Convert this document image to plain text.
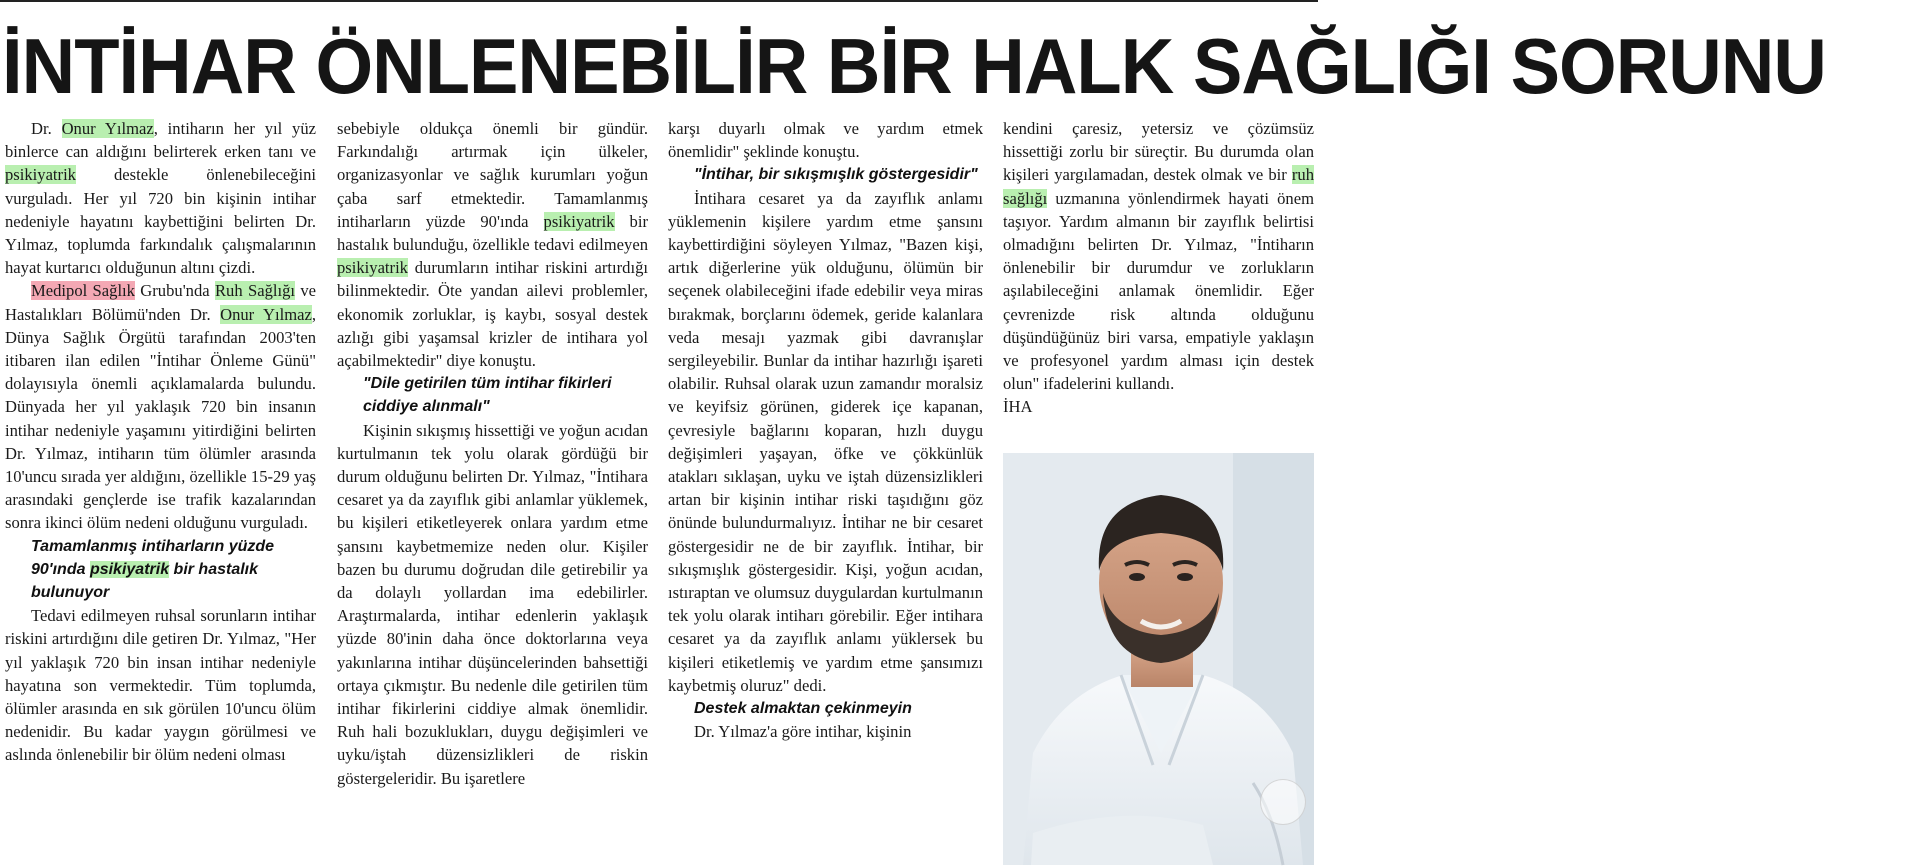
İNTİHAR ÖNLENEBİLİR BİR HALK SAĞLIĞI SORUNU

Dr. Onur Yılmaz, intiharın her yıl yüz binlerce can aldığını belirterek erken tanı ve psikiyatrik destekle önlenebileceğini vurguladı. Her yıl 720 bin kişinin intihar nedeniyle hayatını kaybettiğini belirten Dr. Yılmaz, toplumda farkındalık çalışmalarının hayat kurtarıcı olduğunun altını çizdi.

Medipol Sağlık Grubu'nda Ruh Sağlığı ve Hastalıkları Bölümü'nden Dr. Onur Yılmaz, Dünya Sağlık Örgütü tarafından 2003'ten itibaren ilan edilen "İntihar Önleme Günü" dolayısıyla önemli açıklamalarda bulundu. Dünyada her yıl yaklaşık 720 bin insanın intihar nedeniyle yaşamını yitirdiğini belirten Dr. Yılmaz, intiharın tüm ölümler arasında 10'uncu sırada yer aldığını, özellikle 15-29 yaş arasındaki gençlerde ise trafik kazalarından sonra ikinci ölüm nedeni olduğunu vurguladı.

Tamamlanmış intiharların yüzde 90'ında psikiyatrik bir hastalık bulunuyor

Tedavi edilmeyen ruhsal sorunların intihar riskini artırdığını dile getiren Dr. Yılmaz, "Her yıl yaklaşık 720 bin insan intihar nedeniyle hayatına son vermektedir. Tüm toplumda, ölümler arasında en sık görülen 10'uncu ölüm nedenidir. Bu kadar yaygın görülmesi ve aslında önlenebilir bir ölüm nedeni olması

sebebiyle oldukça önemli bir gündür. Farkındalığı artırmak için ülkeler, organizasyonlar ve sağlık kurumları yoğun çaba sarf etmektedir. Tamamlanmış intiharların yüzde 90'ında psikiyatrik bir hastalık bulunduğu, özellikle tedavi edilmeyen psikiyatrik durumların intihar riskini artırdığı bilinmektedir. Öte yandan ailevi problemler, ekonomik zorluklar, iş kaybı, sosyal destek azlığı gibi yaşamsal krizler de intihara yol açabilmektedir" diye konuştu.

"Dile getirilen tüm intihar fikirleri ciddiye alınmalı"

Kişinin sıkışmış hissettiği ve yoğun acıdan kurtulmanın tek yolu olarak gördüğü bir durum olduğunu belirten Dr. Yılmaz, "İntihara cesaret ya da zayıflık gibi anlamlar yüklemek, bu kişileri etiketleyerek onlara yardım etme şansını kaybetmemize neden olur. Kişiler bazen bu durumu doğrudan dile getirebilir ya da dolaylı yollardan ima edebilirler. Araştırmalarda, intihar edenlerin yaklaşık yüzde 80'inin daha önce doktorlarına veya yakınlarına intihar düşüncelerinden bahsettiği ortaya çıkmıştır. Bu nedenle dile getirilen tüm intihar fikirlerini ciddiye almak önemlidir. Ruh hali bozuklukları, duygu değişimleri ve uyku/iştah düzensizlikleri de riskin göstergeleridir. Bu işaretlere

karşı duyarlı olmak ve yardım etmek önemlidir" şeklinde konuştu.

"İntihar, bir sıkışmışlık göstergesidir"

İntihara cesaret ya da zayıflık anlamı yüklemenin kişilere yardım etme şansını kaybettirdiğini söyleyen Yılmaz, "Bazen kişi, artık diğerlerine yük olduğunu, ölümün bir seçenek olabileceğini ifade edebilir veya miras bırakmak, borçlarını ödemek, geride kalanlara veda mesajı yazmak gibi davranışlar sergileyebilir. Bunlar da intihar hazırlığı işareti olabilir. Ruhsal olarak uzun zamandır moralsiz ve keyifsiz görünen, giderek içe kapanan, çevresiyle bağlarını koparan, hızlı duygu değişimleri yaşayan, öfke ve çökkünlük atakları sıklaşan, uyku ve iştah düzensizlikleri artan bir kişinin intihar riski taşıdığını göz önünde bulundurmalıyız. İntihar ne bir cesaret göstergesidir ne de bir zayıflık. İntihar, bir sıkışmışlık göstergesidir. Kişi, yoğun acıdan, ıstıraptan ve olumsuz duygulardan kurtulmanın tek yolu olarak intiharı görebilir. Eğer intihara cesaret ya da zayıflık anlamı yüklersek bu kişileri etiketlemiş ve yardım etme şansımızı kaybetmiş oluruz" dedi.

Destek almaktan çekinmeyin

Dr. Yılmaz'a göre intihar, kişinin

kendini çaresiz, yetersiz ve çözümsüz hissettiği zorlu bir süreçtir. Bu durumda olan kişileri yargılamadan, destek olmak ve bir ruh sağlığı uzmanına yönlendirmek hayati önem taşıyor. Yardım almanın bir zayıflık belirtisi olmadığını belirten Dr. Yılmaz, "İntiharın önlenebilir bir durumdur ve zorlukların aşılabileceğini anlamak önemlidir. Eğer çevrenizde risk altında olduğunu düşündüğünüz biri varsa, empatiyle yaklaşın ve profesyonel yardım alması için destek olun" ifadelerini kullandı.

İHA
